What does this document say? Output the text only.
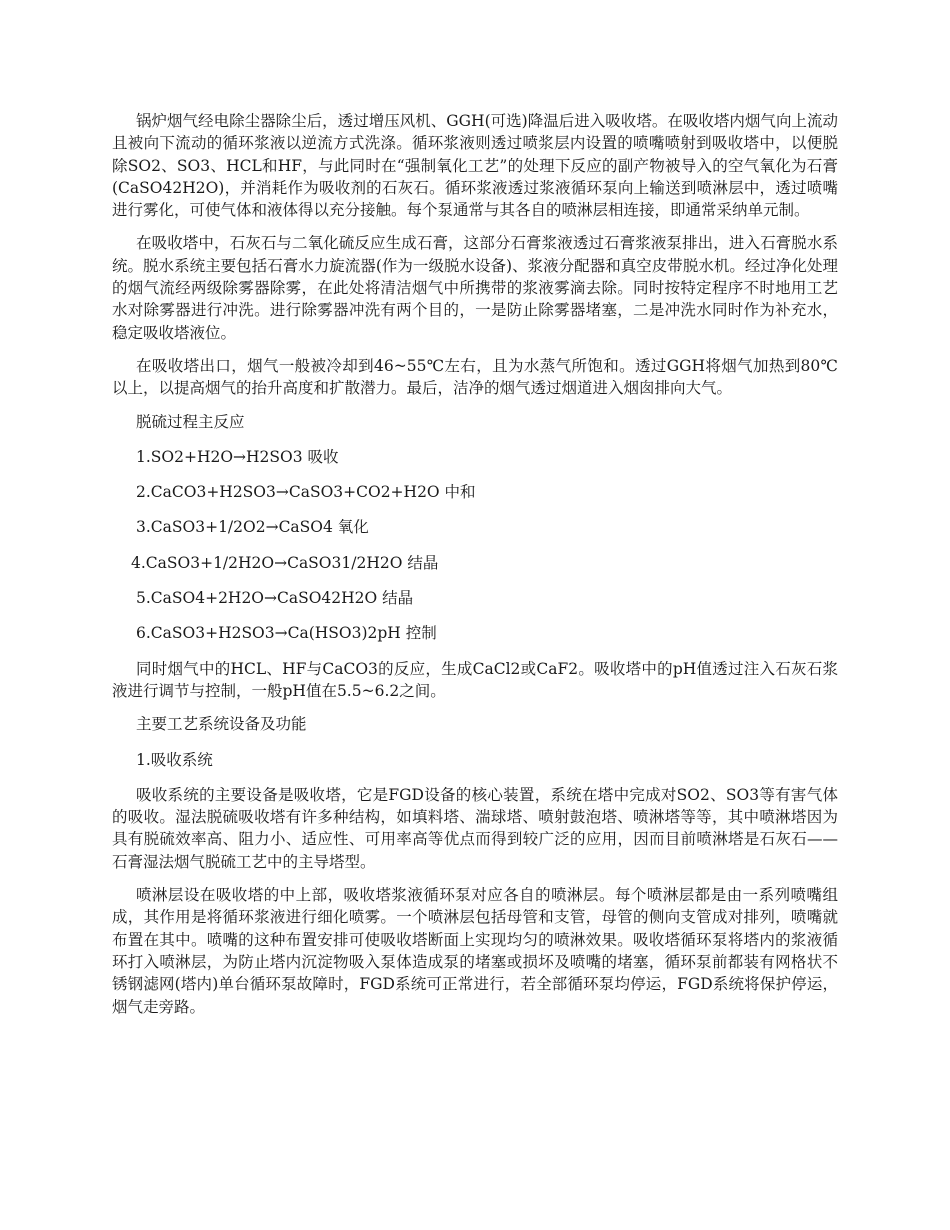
锅炉烟气经电除尘器除尘后，透过增压风机、GGH(可选)降温后进入吸收塔。在吸收塔内烟气向上流动且被向下流动的循环浆液以逆流方式洗涤。循环浆液则透过喷浆层内设置的喷嘴喷射到吸收塔中，以便脱除SO2、SO3、HCL和HF，与此同时在“强制氧化工艺”的处理下反应的副产物被导入的空气氧化为石膏(CaSO42H2O)，并消耗作为吸收剂的石灰石。循环浆液透过浆液循环泵向上输送到喷淋层中，透过喷嘴进行雾化，可使气体和液体得以充分接触。每个泵通常与其各自的喷淋层相连接，即通常采纳单元制。

在吸收塔中，石灰石与二氧化硫反应生成石膏，这部分石膏浆液透过石膏浆液泵排出，进入石膏脱水系统。脱水系统主要包括石膏水力旋流器(作为一级脱水设备)、浆液分配器和真空皮带脱水机。经过净化处理的烟气流经两级除雾器除雾，在此处将清洁烟气中所携带的浆液雾滴去除。同时按特定程序不时地用工艺水对除雾器进行冲洗。进行除雾器冲洗有两个目的，一是防止除雾器堵塞，二是冲洗水同时作为补充水，稳定吸收塔液位。

在吸收塔出口，烟气一般被冷却到46~55℃左右，且为水蒸气所饱和。透过GGH将烟气加热到80℃以上，以提高烟气的抬升高度和扩散潜力。最后，洁净的烟气透过烟道进入烟囱排向大气。

脱硫过程主反应

1.SO2+H2O→H2SO3 吸收

2.CaCO3+H2SO3→CaSO3+CO2+H2O 中和

3.CaSO3+1/2O2→CaSO4 氧化

4.CaSO3+1/2H2O→CaSO31/2H2O 结晶

5.CaSO4+2H2O→CaSO42H2O 结晶

6.CaSO3+H2SO3→Ca(HSO3)2pH 控制

同时烟气中的HCL、HF与CaCO3的反应，生成CaCl2或CaF2。吸收塔中的pH值透过注入石灰石浆液进行调节与控制，一般pH值在5.5~6.2之间。

主要工艺系统设备及功能

1.吸收系统

吸收系统的主要设备是吸收塔，它是FGD设备的核心装置，系统在塔中完成对SO2、SO3等有害气体的吸收。湿法脱硫吸收塔有许多种结构，如填料塔、湍球塔、喷射鼓泡塔、喷淋塔等等，其中喷淋塔因为具有脱硫效率高、阻力小、适应性、可用率高等优点而得到较广泛的应用，因而目前喷淋塔是石灰石——石膏湿法烟气脱硫工艺中的主导塔型。

喷淋层设在吸收塔的中上部，吸收塔浆液循环泵对应各自的喷淋层。每个喷淋层都是由一系列喷嘴组成，其作用是将循环浆液进行细化喷雾。一个喷淋层包括母管和支管，母管的侧向支管成对排列，喷嘴就布置在其中。喷嘴的这种布置安排可使吸收塔断面上实现均匀的喷淋效果。吸收塔循环泵将塔内的浆液循环打入喷淋层，为防止塔内沉淀物吸入泵体造成泵的堵塞或损坏及喷嘴的堵塞，循环泵前都装有网格状不锈钢滤网(塔内)单台循环泵故障时，FGD系统可正常进行，若全部循环泵均停运，FGD系统将保护停运，烟气走旁路。
